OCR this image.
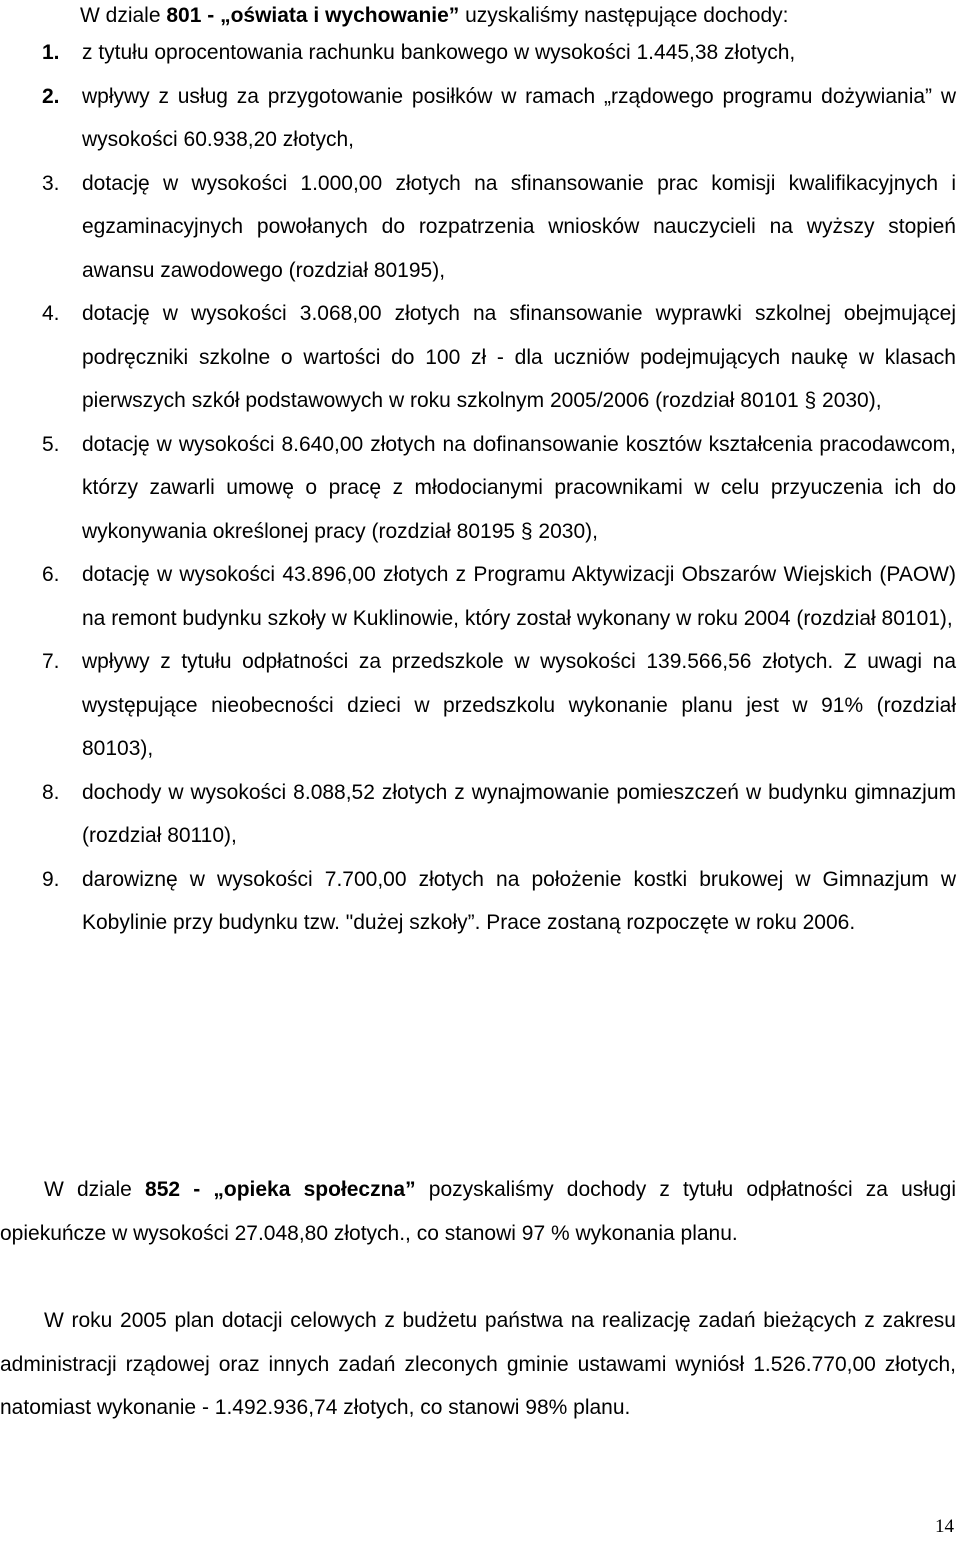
W dziale 801 - „oświata i wychowanie” uzyskaliśmy następujące dochody:

1. z tytułu oprocentowania rachunku bankowego w wysokości 1.445,38 złotych,
2. wpływy z usług za przygotowanie posiłków w ramach „rządowego programu dożywiania” w wysokości 60.938,20 złotych,
3. dotację w wysokości 1.000,00 złotych na sfinansowanie prac komisji kwalifikacyjnych i egzaminacyjnych powołanych do rozpatrzenia wniosków nauczycieli na wyższy stopień awansu zawodowego (rozdział 80195),
4. dotację w wysokości 3.068,00 złotych na sfinansowanie wyprawki szkolnej obejmującej podręczniki szkolne o wartości do 100 zł - dla uczniów podejmujących naukę w klasach pierwszych szkół podstawowych w roku szkolnym 2005/2006 (rozdział 80101 § 2030),
5. dotację w wysokości 8.640,00 złotych na dofinansowanie kosztów kształcenia pracodawcom, którzy zawarli umowę o pracę z młodocianymi pracownikami w celu przyuczenia ich do wykonywania określonej pracy (rozdział 80195 § 2030),
6. dotację w wysokości 43.896,00 złotych z Programu Aktywizacji Obszarów Wiejskich (PAOW) na remont budynku szkoły w Kuklinowie, który został wykonany w roku 2004 (rozdział 80101),
7. wpływy z tytułu odpłatności za przedszkole w wysokości 139.566,56 złotych. Z uwagi na występujące nieobecności dzieci w przedszkolu wykonanie planu jest w 91% (rozdział 80103),
8. dochody w wysokości 8.088,52 złotych z wynajmowanie pomieszczeń w budynku gimnazjum (rozdział 80110),
9. darowiznę w wysokości 7.700,00 złotych na położenie kostki brukowej w Gimnazjum w Kobylinie przy budynku tzw. "dużej szkoły”. Prace zostaną rozpoczęte w roku 2006.

W dziale 852 - „opieka społeczna” pozyskaliśmy dochody z tytułu odpłatności za usługi opiekuńcze w wysokości 27.048,80 złotych., co stanowi 97 % wykonania planu.

W roku 2005 plan dotacji celowych z budżetu państwa na realizację zadań bieżących z zakresu administracji rządowej oraz innych zadań zleconych gminie ustawami wyniósł 1.526.770,00 złotych, natomiast wykonanie - 1.492.936,74 złotych, co stanowi 98% planu.

14
